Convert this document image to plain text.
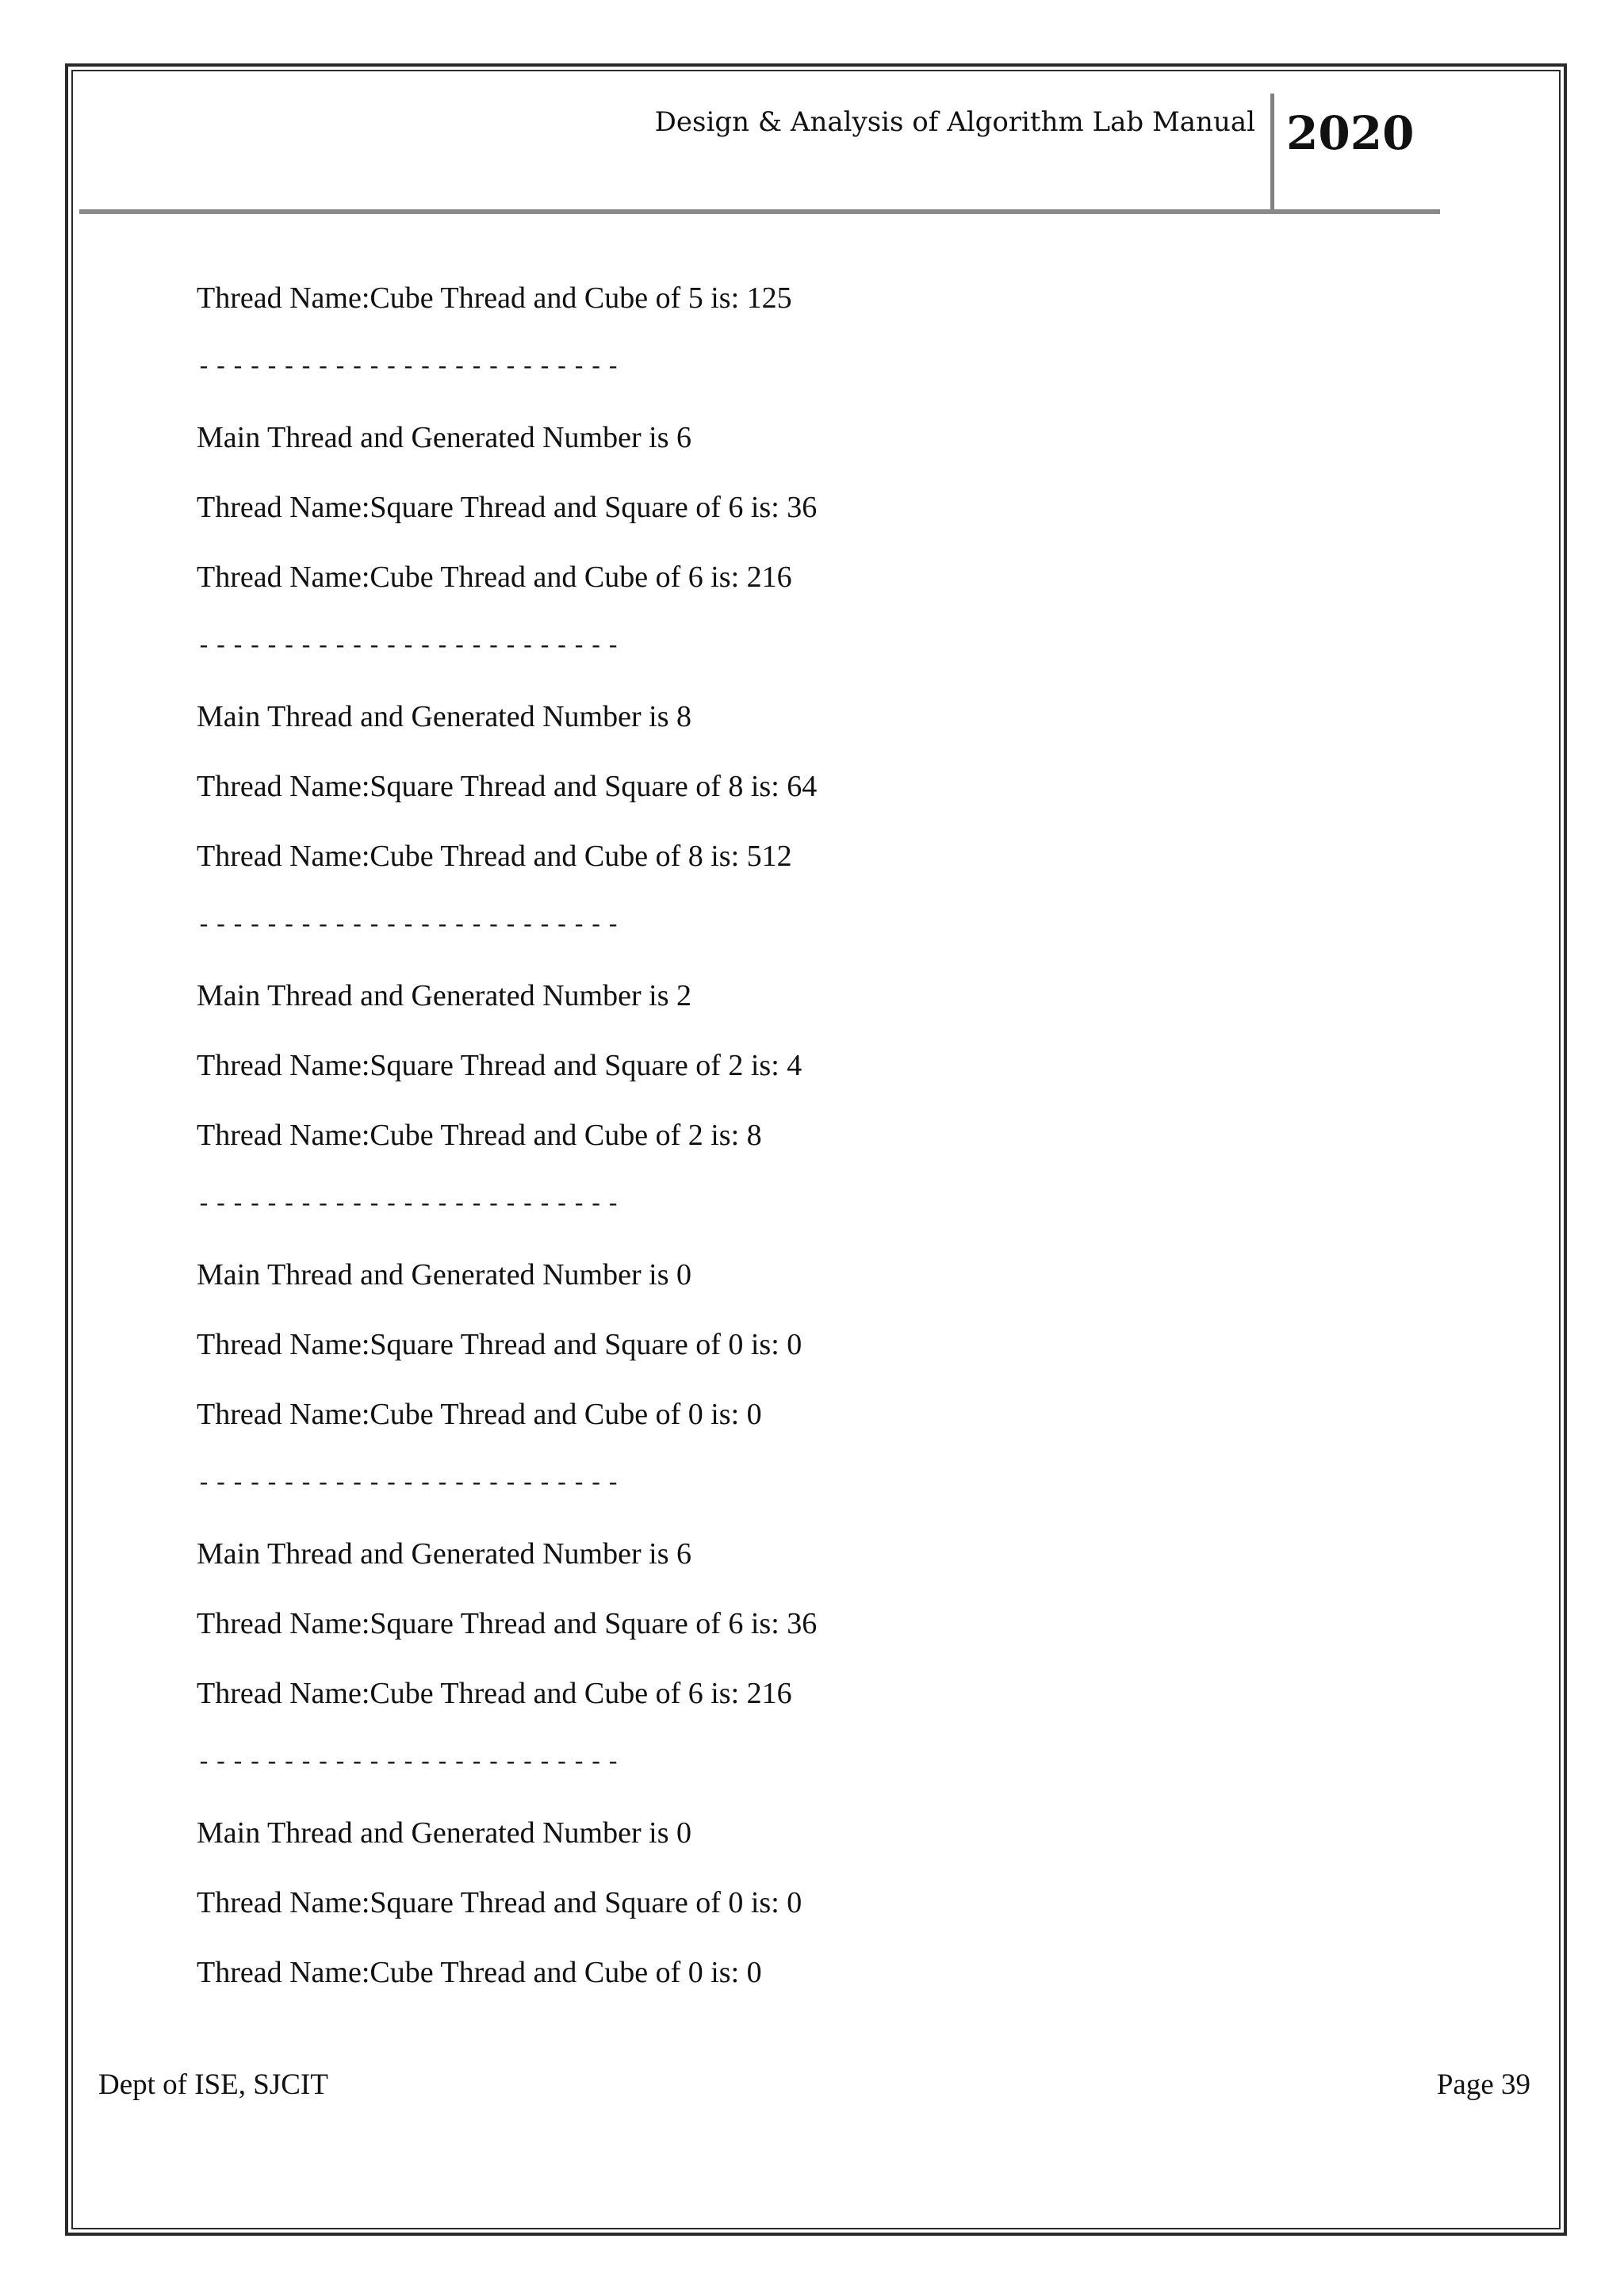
Design & Analysis of Algorithm Lab Manual 2020
Thread Name:Cube Thread and Cube of 5 is: 125
-------------------------
Main Thread and Generated Number is 6
Thread Name:Square Thread and Square of 6 is: 36
Thread Name:Cube Thread and Cube of 6 is: 216
-------------------------
Main Thread and Generated Number is 8
Thread Name:Square Thread and Square of 8 is: 64
Thread Name:Cube Thread and Cube of 8 is: 512
-------------------------
Main Thread and Generated Number is 2
Thread Name:Square Thread and Square of 2 is: 4
Thread Name:Cube Thread and Cube of 2 is: 8
-------------------------
Main Thread and Generated Number is 0
Thread Name:Square Thread and Square of 0 is: 0
Thread Name:Cube Thread and Cube of 0 is: 0
-------------------------
Main Thread and Generated Number is 6
Thread Name:Square Thread and Square of 6 is: 36
Thread Name:Cube Thread and Cube of 6 is: 216
-------------------------
Main Thread and Generated Number is 0
Thread Name:Square Thread and Square of 0 is: 0
Thread Name:Cube Thread and Cube of 0 is: 0
Dept of ISE, SJCIT	Page 39
